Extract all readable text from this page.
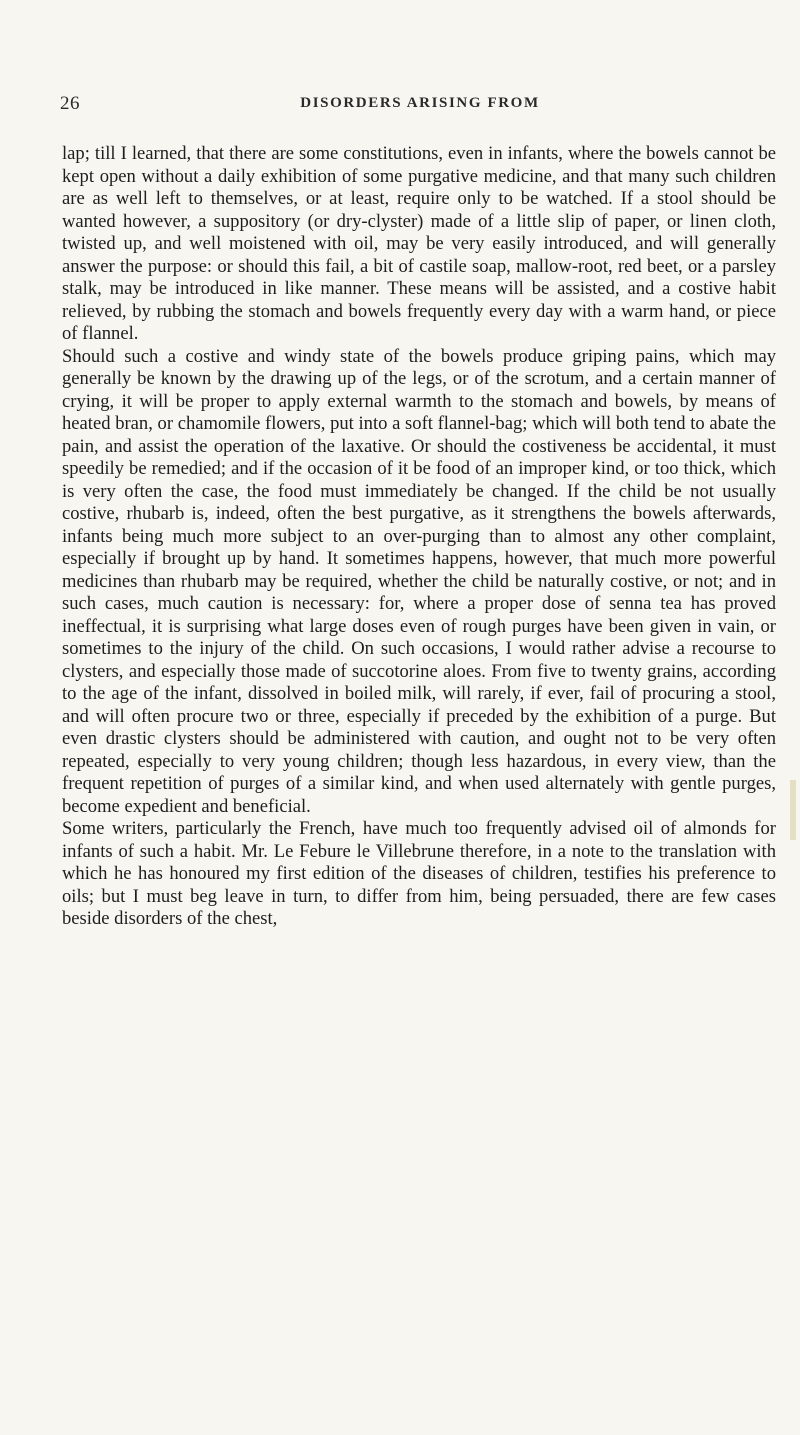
26	DISORDERS ARISING FROM

lap; till I learned, that there are some constitutions, even in infants, where the bowels cannot be kept open without a daily exhibition of some purgative medicine, and that many such children are as well left to themselves, or at least, require only to be watched. If a stool should be wanted however, a suppository (or dry-clyster) made of a little slip of paper, or linen cloth, twisted up, and well moistened with oil, may be very easily introduced, and will generally answer the purpose: or should this fail, a bit of castile soap, mallow-root, red beet, or a parsley stalk, may be introduced in like manner. These means will be assisted, and a costive habit relieved, by rubbing the stomach and bowels frequently every day with a warm hand, or piece of flannel.

Should such a costive and windy state of the bowels produce griping pains, which may generally be known by the drawing up of the legs, or of the scrotum, and a certain manner of crying, it will be proper to apply external warmth to the stomach and bowels, by means of heated bran, or chamomile flowers, put into a soft flannel-bag; which will both tend to abate the pain, and assist the operation of the laxative. Or should the costiveness be accidental, it must speedily be remedied; and if the occasion of it be food of an improper kind, or too thick, which is very often the case, the food must immediately be changed. If the child be not usually costive, rhubarb is, indeed, often the best purgative, as it strengthens the bowels afterwards, infants being much more subject to an over-purging than to almost any other complaint, especially if brought up by hand. It sometimes happens, however, that much more powerful medicines than rhubarb may be required, whether the child be naturally costive, or not; and in such cases, much caution is necessary: for, where a proper dose of senna tea has proved ineffectual, it is surprising what large doses even of rough purges have been given in vain, or sometimes to the injury of the child. On such occasions, I would rather advise a recourse to clysters, and especially those made of succotorine aloes. From five to twenty grains, according to the age of the infant, dissolved in boiled milk, will rarely, if ever, fail of procuring a stool, and will often procure two or three, especially if preceded by the exhibition of a purge. But even drastic clysters should be administered with caution, and ought not to be very often repeated, especially to very young children; though less hazardous, in every view, than the frequent repetition of purges of a similar kind, and when used alternately with gentle purges, become expedient and beneficial.

Some writers, particularly the French, have much too frequently advised oil of almonds for infants of such a habit. Mr. Le Febure le Villebrune therefore, in a note to the translation with which he has honoured my first edition of the diseases of children, testifies his preference to oils; but I must beg leave in turn, to differ from him, being persuaded, there are few cases beside disorders of the chest,
